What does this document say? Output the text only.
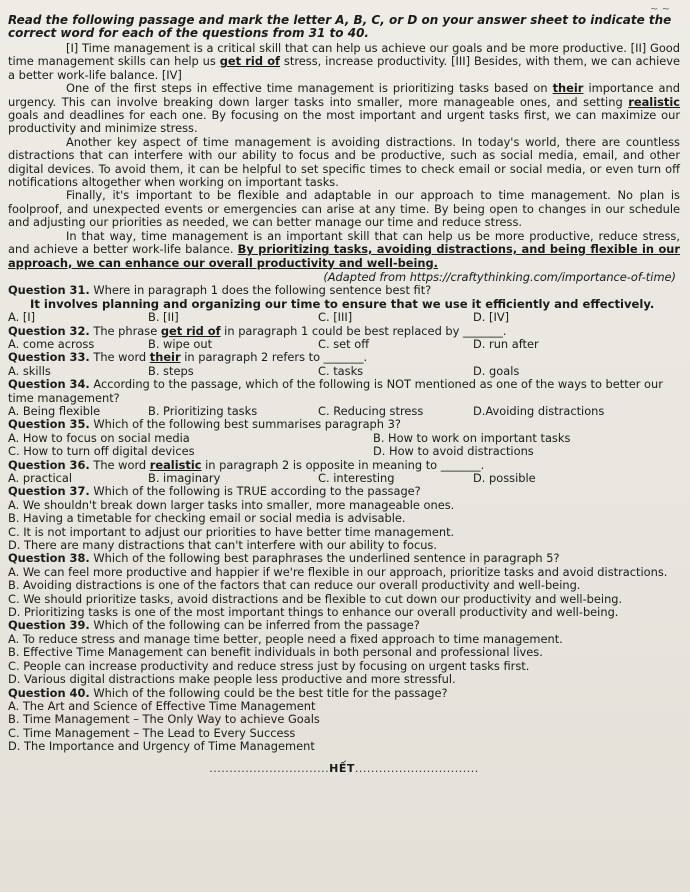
~ ~

Read the following passage and mark the letter A, B, C, or D on your answer sheet to indicate the correct word for each of the questions from 31 to 40.

[I] Time management is a critical skill that can help us achieve our goals and be more productive. [II] Good time management skills can help us get rid of stress, increase productivity. [III] Besides, with them, we can achieve a better work-life balance. [IV]

One of the first steps in effective time management is prioritizing tasks based on their importance and urgency. This can involve breaking down larger tasks into smaller, more manageable ones, and setting realistic goals and deadlines for each one. By focusing on the most important and urgent tasks first, we can maximize our productivity and minimize stress.

Another key aspect of time management is avoiding distractions. In today's world, there are countless distractions that can interfere with our ability to focus and be productive, such as social media, email, and other digital devices. To avoid them, it can be helpful to set specific times to check email or social media, or even turn off notifications altogether when working on important tasks.

Finally, it's important to be flexible and adaptable in our approach to time management. No plan is foolproof, and unexpected events or emergencies can arise at any time. By being open to changes in our schedule and adjusting our priorities as needed, we can better manage our time and reduce stress.

In that way, time management is an important skill that can help us be more productive, reduce stress, and achieve a better work-life balance. By prioritizing tasks, avoiding distractions, and being flexible in our approach, we can enhance our overall productivity and well-being.

(Adapted from https://craftythinking.com/importance-of-time)

Question 31. Where in paragraph 1 does the following sentence best fit?

It involves planning and organizing our time to ensure that we use it efficiently and effectively.

A. [I]	B. [II]	C. [III]	D. [IV]

Question 32. The phrase get rid of in paragraph 1 could be best replaced by _______.

A. come across	B. wipe out	C. set off	D. run after

Question 33. The word their in paragraph 2 refers to _______.

A. skills	B. steps	C. tasks	D. goals

Question 34. According to the passage, which of the following is NOT mentioned as one of the ways to better our time management?

A. Being flexible	B. Prioritizing tasks	C. Reducing stress	D.Avoiding distractions

Question 35. Which of the following best summarises paragraph 3?

A. How to focus on social media	B. How to work on important tasks
C. How to turn off digital devices	D. How to avoid distractions

Question 36. The word realistic in paragraph 2 is opposite in meaning to _______.

A. practical	B. imaginary	C. interesting	D. possible

Question 37. Which of the following is TRUE according to the passage?

A. We shouldn't break down larger tasks into smaller, more manageable ones.

B. Having a timetable for checking email or social media is advisable.

C. It is not important to adjust our priorities to have better time management.

D. There are many distractions that can't interfere with our ability to focus.

Question 38. Which of the following best paraphrases the underlined sentence in paragraph 5?

A. We can feel more productive and happier if we're flexible in our approach, prioritize tasks and avoid distractions.

B. Avoiding distractions is one of the factors that can reduce our overall productivity and well-being.

C. We should prioritize tasks, avoid distractions and be flexible to cut down our productivity and well-being.

D. Prioritizing tasks is one of the most important things to enhance our overall productivity and well-being.

Question 39. Which of the following can be inferred from the passage?

A. To reduce stress and manage time better, people need a fixed approach to time management.

B. Effective Time Management can benefit individuals in both personal and professional lives.

C. People can increase productivity and reduce stress just by focusing on urgent tasks first.

D. Various digital distractions make people less productive and more stressful.

Question 40. Which of the following could be the best title for the passage?

A. The Art and Science of Effective Time Management

B. Time Management – The Only Way to achieve Goals

C. Time Management – The Lead to Every Success

D. The Importance and Urgency of Time Management

..............................HẾT...............................
